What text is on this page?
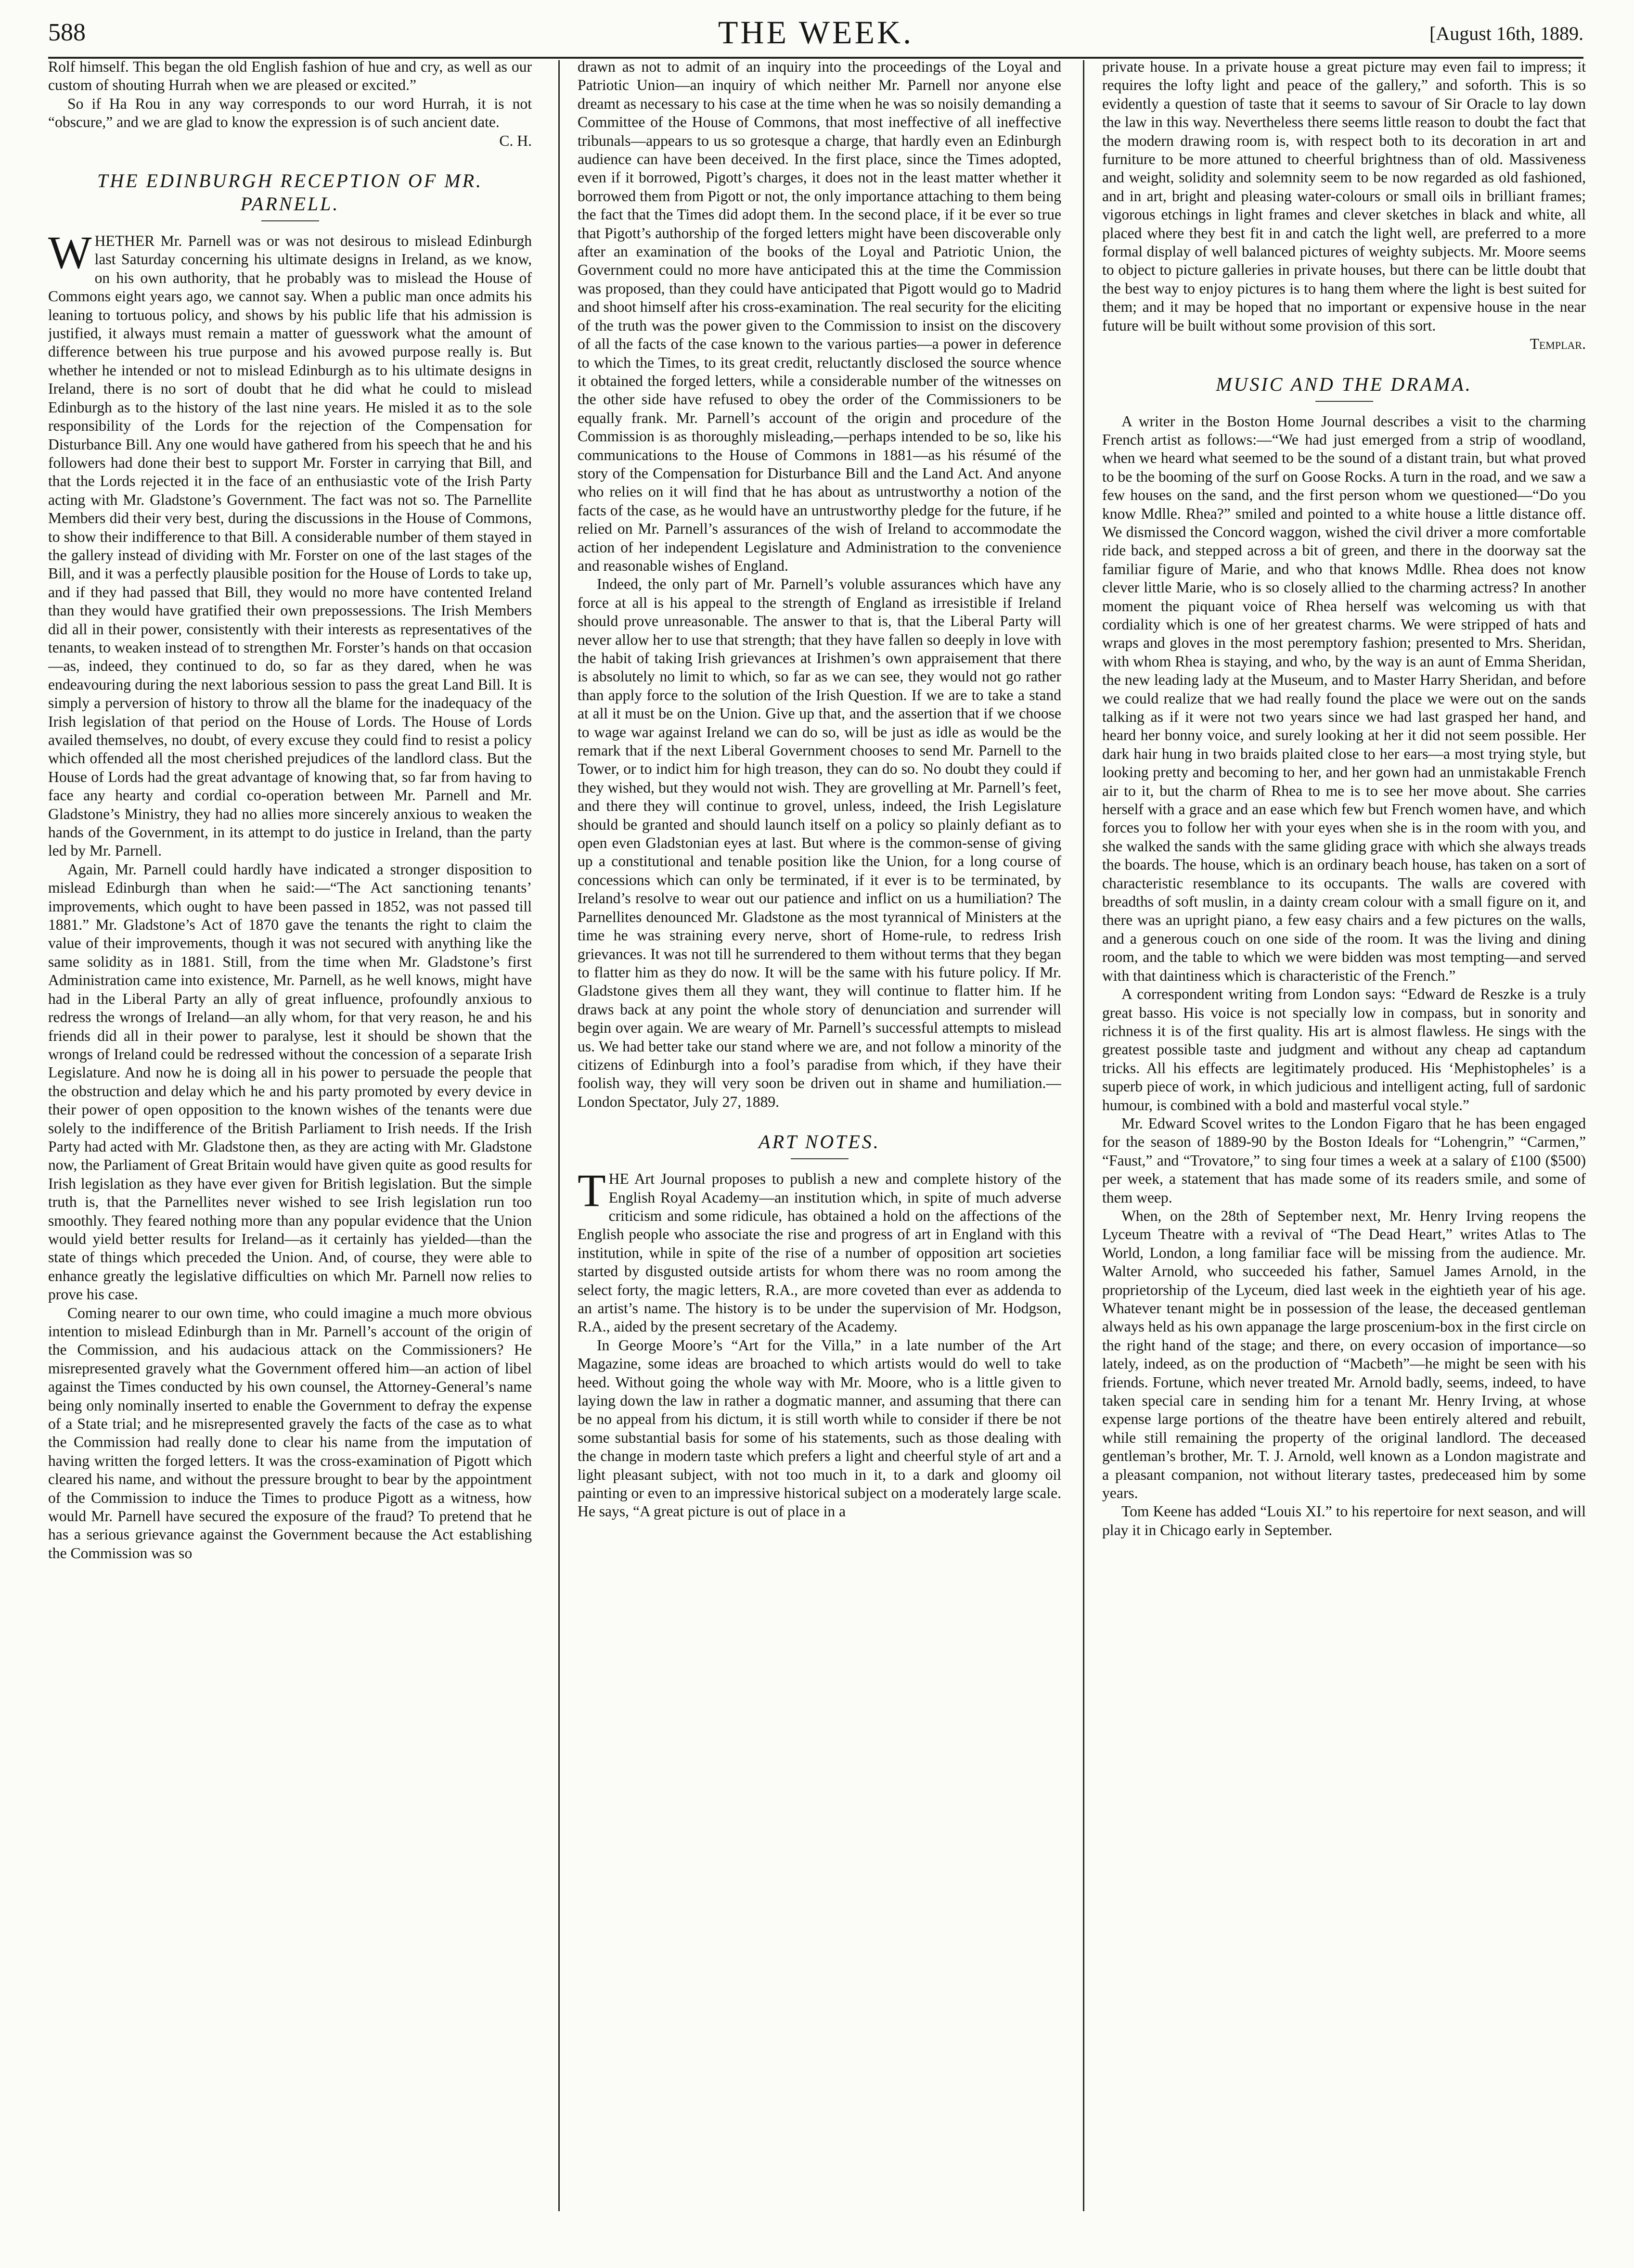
588	THE WEEK.	[August 16th, 1889.

Rolf himself. This began the old English fashion of hue and cry, as well as our custom of shouting Hurrah when we are pleased or excited.”

So if Ha Rou in any way corresponds to our word Hurrah, it is not “obscure,” and we are glad to know the expression is of such ancient date.

C. H.

THE EDINBURGH RECEPTION OF MR. PARNELL.

WHETHER Mr. Parnell was or was not desirous to mislead Edinburgh last Saturday concerning his ultimate designs in Ireland, as we know, on his own authority, that he probably was to mislead the House of Commons eight years ago, we cannot say. When a public man once admits his leaning to tortuous policy, and shows by his public life that his admission is justified, it always must remain a matter of guesswork what the amount of difference between his true purpose and his avowed purpose really is. But whether he intended or not to mislead Edinburgh as to his ultimate designs in Ireland, there is no sort of doubt that he did what he could to mislead Edinburgh as to the history of the last nine years. He misled it as to the sole responsibility of the Lords for the rejection of the Compensation for Disturbance Bill. Any one would have gathered from his speech that he and his followers had done their best to support Mr. Forster in carrying that Bill, and that the Lords rejected it in the face of an enthusiastic vote of the Irish Party acting with Mr. Gladstone’s Government. The fact was not so. The Parnellite Members did their very best, during the discussions in the House of Commons, to show their indifference to that Bill. A considerable number of them stayed in the gallery instead of dividing with Mr. Forster on one of the last stages of the Bill, and it was a perfectly plausible position for the House of Lords to take up, and if they had passed that Bill, they would no more have contented Ireland than they would have gratified their own prepossessions. The Irish Members did all in their power, consistently with their interests as representatives of the tenants, to weaken instead of to strengthen Mr. Forster’s hands on that occasion—as, indeed, they continued to do, so far as they dared, when he was endeavouring during the next laborious session to pass the great Land Bill. It is simply a perversion of history to throw all the blame for the inadequacy of the Irish legislation of that period on the House of Lords. The House of Lords availed themselves, no doubt, of every excuse they could find to resist a policy which offended all the most cherished prejudices of the landlord class. But the House of Lords had the great advantage of knowing that, so far from having to face any hearty and cordial co-operation between Mr. Parnell and Mr. Gladstone’s Ministry, they had no allies more sincerely anxious to weaken the hands of the Government, in its attempt to do justice in Ireland, than the party led by Mr. Parnell.

Again, Mr. Parnell could hardly have indicated a stronger disposition to mislead Edinburgh than when he said:—“The Act sanctioning tenants’ improvements, which ought to have been passed in 1852, was not passed till 1881.” Mr. Gladstone’s Act of 1870 gave the tenants the right to claim the value of their improvements, though it was not secured with anything like the same solidity as in 1881. Still, from the time when Mr. Gladstone’s first Administration came into existence, Mr. Parnell, as he well knows, might have had in the Liberal Party an ally of great influence, profoundly anxious to redress the wrongs of Ireland—an ally whom, for that very reason, he and his friends did all in their power to paralyse, lest it should be shown that the wrongs of Ireland could be redressed without the concession of a separate Irish Legislature. And now he is doing all in his power to persuade the people that the obstruction and delay which he and his party promoted by every device in their power of open opposition to the known wishes of the tenants were due solely to the indifference of the British Parliament to Irish needs. If the Irish Party had acted with Mr. Gladstone then, as they are acting with Mr. Gladstone now, the Parliament of Great Britain would have given quite as good results for Irish legislation as they have ever given for British legislation. But the simple truth is, that the Parnellites never wished to see Irish legislation run too smoothly. They feared nothing more than any popular evidence that the Union would yield better results for Ireland—as it certainly has yielded—than the state of things which preceded the Union. And, of course, they were able to enhance greatly the legislative difficulties on which Mr. Parnell now relies to prove his case.

Coming nearer to our own time, who could imagine a much more obvious intention to mislead Edinburgh than in Mr. Parnell’s account of the origin of the Commission, and his audacious attack on the Commissioners? He misrepresented gravely what the Government offered him—an action of libel against the Times conducted by his own counsel, the Attorney-General’s name being only nominally inserted to enable the Government to defray the expense of a State trial; and he misrepresented gravely the facts of the case as to what the Commission had really done to clear his name from the imputation of having written the forged letters. It was the cross-examination of Pigott which cleared his name, and without the pressure brought to bear by the appointment of the Commission to induce the Times to produce Pigott as a witness, how would Mr. Parnell have secured the exposure of the fraud? To pretend that he has a serious grievance against the Government because the Act establishing the Commission was so

drawn as not to admit of an inquiry into the proceedings of the Loyal and Patriotic Union—an inquiry of which neither Mr. Parnell nor anyone else dreamt as necessary to his case at the time when he was so noisily demanding a Committee of the House of Commons, that most ineffective of all ineffective tribunals—appears to us so grotesque a charge, that hardly even an Edinburgh audience can have been deceived. In the first place, since the Times adopted, even if it borrowed, Pigott’s charges, it does not in the least matter whether it borrowed them from Pigott or not, the only importance attaching to them being the fact that the Times did adopt them. In the second place, if it be ever so true that Pigott’s authorship of the forged letters might have been discoverable only after an examination of the books of the Loyal and Patriotic Union, the Government could no more have anticipated this at the time the Commission was proposed, than they could have anticipated that Pigott would go to Madrid and shoot himself after his cross-examination. The real security for the eliciting of the truth was the power given to the Commission to insist on the discovery of all the facts of the case known to the various parties—a power in deference to which the Times, to its great credit, reluctantly disclosed the source whence it obtained the forged letters, while a considerable number of the witnesses on the other side have refused to obey the order of the Commissioners to be equally frank. Mr. Parnell’s account of the origin and procedure of the Commission is as thoroughly misleading,—perhaps intended to be so, like his communications to the House of Commons in 1881—as his résumé of the story of the Compensation for Disturbance Bill and the Land Act. And anyone who relies on it will find that he has about as untrustworthy a notion of the facts of the case, as he would have an untrustworthy pledge for the future, if he relied on Mr. Parnell’s assurances of the wish of Ireland to accommodate the action of her independent Legislature and Administration to the convenience and reasonable wishes of England.

Indeed, the only part of Mr. Parnell’s voluble assurances which have any force at all is his appeal to the strength of England as irresistible if Ireland should prove unreasonable. The answer to that is, that the Liberal Party will never allow her to use that strength; that they have fallen so deeply in love with the habit of taking Irish grievances at Irishmen’s own appraisement that there is absolutely no limit to which, so far as we can see, they would not go rather than apply force to the solution of the Irish Question. If we are to take a stand at all it must be on the Union. Give up that, and the assertion that if we choose to wage war against Ireland we can do so, will be just as idle as would be the remark that if the next Liberal Government chooses to send Mr. Parnell to the Tower, or to indict him for high treason, they can do so. No doubt they could if they wished, but they would not wish. They are grovelling at Mr. Parnell’s feet, and there they will continue to grovel, unless, indeed, the Irish Legislature should be granted and should launch itself on a policy so plainly defiant as to open even Gladstonian eyes at last. But where is the common-sense of giving up a constitutional and tenable position like the Union, for a long course of concessions which can only be terminated, if it ever is to be terminated, by Ireland’s resolve to wear out our patience and inflict on us a humiliation? The Parnellites denounced Mr. Gladstone as the most tyrannical of Ministers at the time he was straining every nerve, short of Home-rule, to redress Irish grievances. It was not till he surrendered to them without terms that they began to flatter him as they do now. It will be the same with his future policy. If Mr. Gladstone gives them all they want, they will continue to flatter him. If he draws back at any point the whole story of denunciation and surrender will begin over again. We are weary of Mr. Parnell’s successful attempts to mislead us. We had better take our stand where we are, and not follow a minority of the citizens of Edinburgh into a fool’s paradise from which, if they have their foolish way, they will very soon be driven out in shame and humiliation.—London Spectator, July 27, 1889.

ART NOTES.

THE Art Journal proposes to publish a new and complete history of the English Royal Academy—an institution which, in spite of much adverse criticism and some ridicule, has obtained a hold on the affections of the English people who associate the rise and progress of art in England with this institution, while in spite of the rise of a number of opposition art societies started by disgusted outside artists for whom there was no room among the select forty, the magic letters, R.A., are more coveted than ever as addenda to an artist’s name. The history is to be under the supervision of Mr. Hodgson, R.A., aided by the present secretary of the Academy.

In George Moore’s “Art for the Villa,” in a late number of the Art Magazine, some ideas are broached to which artists would do well to take heed. Without going the whole way with Mr. Moore, who is a little given to laying down the law in rather a dogmatic manner, and assuming that there can be no appeal from his dictum, it is still worth while to consider if there be not some substantial basis for some of his statements, such as those dealing with the change in modern taste which prefers a light and cheerful style of art and a light pleasant subject, with not too much in it, to a dark and gloomy oil painting or even to an impressive historical subject on a moderately large scale. He says, “A great picture is out of place in a

private house. In a private house a great picture may even fail to impress; it requires the lofty light and peace of the gallery,” and soforth. This is so evidently a question of taste that it seems to savour of Sir Oracle to lay down the law in this way. Nevertheless there seems little reason to doubt the fact that the modern drawing room is, with respect both to its decoration in art and furniture to be more attuned to cheerful brightness than of old. Massiveness and weight, solidity and solemnity seem to be now regarded as old fashioned, and in art, bright and pleasing water-colours or small oils in brilliant frames; vigorous etchings in light frames and clever sketches in black and white, all placed where they best fit in and catch the light well, are preferred to a more formal display of well balanced pictures of weighty subjects. Mr. Moore seems to object to picture galleries in private houses, but there can be little doubt that the best way to enjoy pictures is to hang them where the light is best suited for them; and it may be hoped that no important or expensive house in the near future will be built without some provision of this sort.

Templar.

MUSIC AND THE DRAMA.

A writer in the Boston Home Journal describes a visit to the charming French artist as follows:—“We had just emerged from a strip of woodland, when we heard what seemed to be the sound of a distant train, but what proved to be the booming of the surf on Goose Rocks. A turn in the road, and we saw a few houses on the sand, and the first person whom we questioned—“Do you know Mdlle. Rhea?” smiled and pointed to a white house a little distance off. We dismissed the Concord waggon, wished the civil driver a more comfortable ride back, and stepped across a bit of green, and there in the doorway sat the familiar figure of Marie, and who that knows Mdlle. Rhea does not know clever little Marie, who is so closely allied to the charming actress? In another moment the piquant voice of Rhea herself was welcoming us with that cordiality which is one of her greatest charms. We were stripped of hats and wraps and gloves in the most peremptory fashion; presented to Mrs. Sheridan, with whom Rhea is staying, and who, by the way is an aunt of Emma Sheridan, the new leading lady at the Museum, and to Master Harry Sheridan, and before we could realize that we had really found the place we were out on the sands talking as if it were not two years since we had last grasped her hand, and heard her bonny voice, and surely looking at her it did not seem possible. Her dark hair hung in two braids plaited close to her ears—a most trying style, but looking pretty and becoming to her, and her gown had an unmistakable French air to it, but the charm of Rhea to me is to see her move about. She carries herself with a grace and an ease which few but French women have, and which forces you to follow her with your eyes when she is in the room with you, and she walked the sands with the same gliding grace with which she always treads the boards. The house, which is an ordinary beach house, has taken on a sort of characteristic resemblance to its occupants. The walls are covered with breadths of soft muslin, in a dainty cream colour with a small figure on it, and there was an upright piano, a few easy chairs and a few pictures on the walls, and a generous couch on one side of the room. It was the living and dining room, and the table to which we were bidden was most tempting—and served with that daintiness which is characteristic of the French.”

A correspondent writing from London says: “Edward de Reszke is a truly great basso. His voice is not specially low in compass, but in sonority and richness it is of the first quality. His art is almost flawless. He sings with the greatest possible taste and judgment and without any cheap ad captandum tricks. All his effects are legitimately produced. His ‘Mephistopheles’ is a superb piece of work, in which judicious and intelligent acting, full of sardonic humour, is combined with a bold and masterful vocal style.”

Mr. Edward Scovel writes to the London Figaro that he has been engaged for the season of 1889-90 by the Boston Ideals for “Lohengrin,” “Carmen,” “Faust,” and “Trovatore,” to sing four times a week at a salary of £100 ($500) per week, a statement that has made some of its readers smile, and some of them weep.

When, on the 28th of September next, Mr. Henry Irving reopens the Lyceum Theatre with a revival of “The Dead Heart,” writes Atlas to The World, London, a long familiar face will be missing from the audience. Mr. Walter Arnold, who succeeded his father, Samuel James Arnold, in the proprietorship of the Lyceum, died last week in the eightieth year of his age. Whatever tenant might be in possession of the lease, the deceased gentleman always held as his own appanage the large proscenium-box in the first circle on the right hand of the stage; and there, on every occasion of importance—so lately, indeed, as on the production of “Macbeth”—he might be seen with his friends. Fortune, which never treated Mr. Arnold badly, seems, indeed, to have taken special care in sending him for a tenant Mr. Henry Irving, at whose expense large portions of the theatre have been entirely altered and rebuilt, while still remaining the property of the original landlord. The deceased gentleman’s brother, Mr. T. J. Arnold, well known as a London magistrate and a pleasant companion, not without literary tastes, predeceased him by some years.

Tom Keene has added “Louis XI.” to his repertoire for next season, and will play it in Chicago early in September.
